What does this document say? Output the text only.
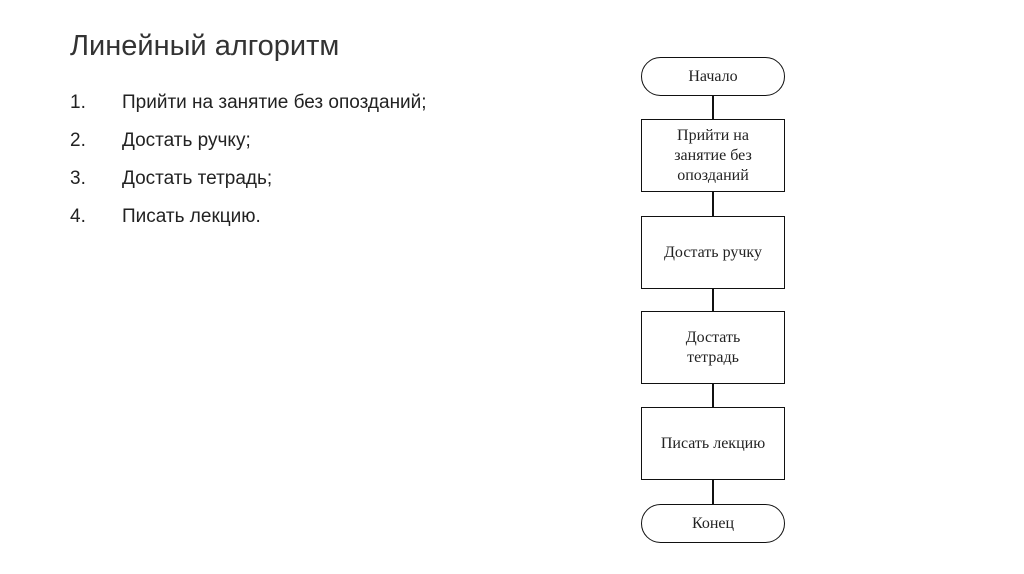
Линейный алгоритм
1. Прийти на занятие без опозданий;
2. Достать ручку;
3. Достать тетрадь;
4. Писать лекцию.
Начало
Прийти на занятие без опозданий
Достать ручку
Достать тетрадь
Писать лекцию
Конец
